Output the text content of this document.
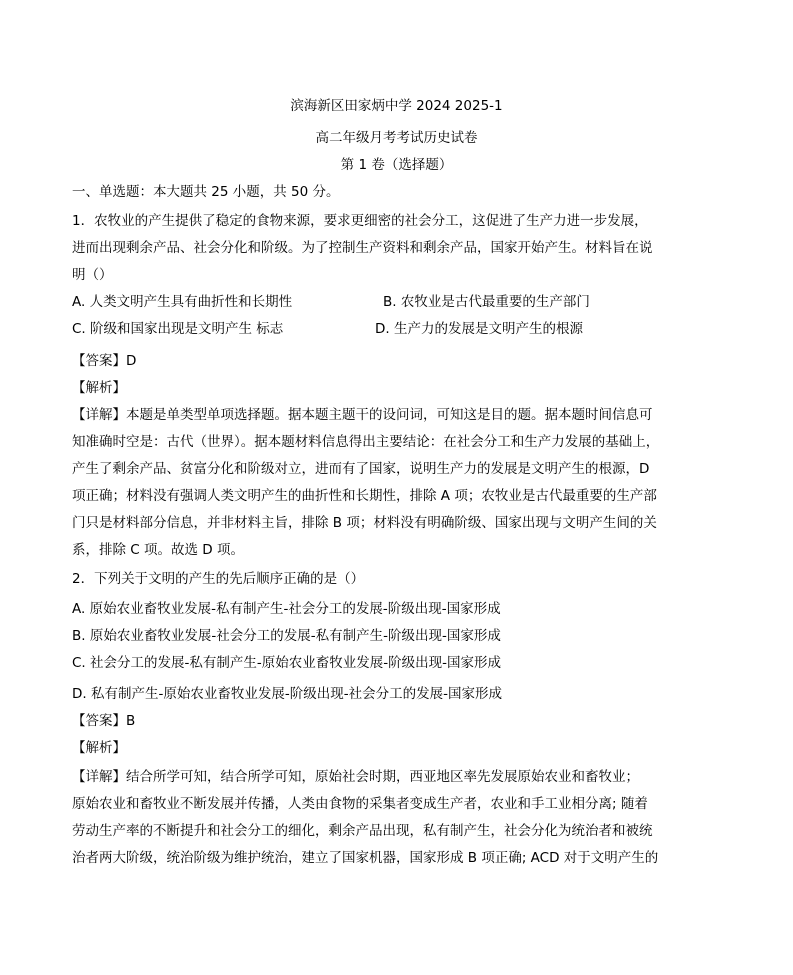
滨海新区田家炳中学 2024 2025-1
高二年级月考考试历史试卷
第 1 卷（选择题）
一、单选题：本大题共 25 小题，共 50 分。
1．农牧业的产生提供了稳定的食物来源，要求更细密的社会分工，这促进了生产力进一步发展，
进而出现剩余产品、社会分化和阶级。为了控制生产资料和剩余产品，国家开始产生。材料旨在说
明（）
A. 人类文明产生具有曲折性和长期性	B. 农牧业是古代最重要的生产部门
C. 阶级和国家出现是文明产生 标志	D. 生产力的发展是文明产生的根源
【答案】D
【解析】
【详解】本题是单类型单项选择题。据本题主题干的设问词，可知这是目的题。据本题时间信息可
知准确时空是：古代（世界）。据本题材料信息得出主要结论：在社会分工和生产力发展的基础上，
产生了剩余产品、贫富分化和阶级对立，进而有了国家，说明生产力的发展是文明产生的根源，D
项正确；材料没有强调人类文明产生的曲折性和长期性，排除 A 项；农牧业是古代最重要的生产部
门只是材料部分信息，并非材料主旨，排除 B 项；材料没有明确阶级、国家出现与文明产生间的关
系，排除 C 项。故选 D 项。
2．下列关于文明的产生的先后顺序正确的是（）
A. 原始农业畜牧业发展-私有制产生-社会分工的发展-阶级出现-国家形成
B. 原始农业畜牧业发展-社会分工的发展-私有制产生-阶级出现-国家形成
C. 社会分工的发展-私有制产生-原始农业畜牧业发展-阶级出现-国家形成
D. 私有制产生-原始农业畜牧业发展-阶级出现-社会分工的发展-国家形成
【答案】B
【解析】
【详解】结合所学可知，结合所学可知，原始社会时期，西亚地区率先发展原始农业和畜牧业；
原始农业和畜牧业不断发展并传播，人类由食物的采集者变成生产者，农业和手工业相分离; 随着
劳动生产率的不断提升和社会分工的细化，剩余产品出现，私有制产生，社会分化为统治者和被统
治者两大阶级，统治阶级为维护统治，建立了国家机器，国家形成 B 项正确; ACD 对于文明产生的
